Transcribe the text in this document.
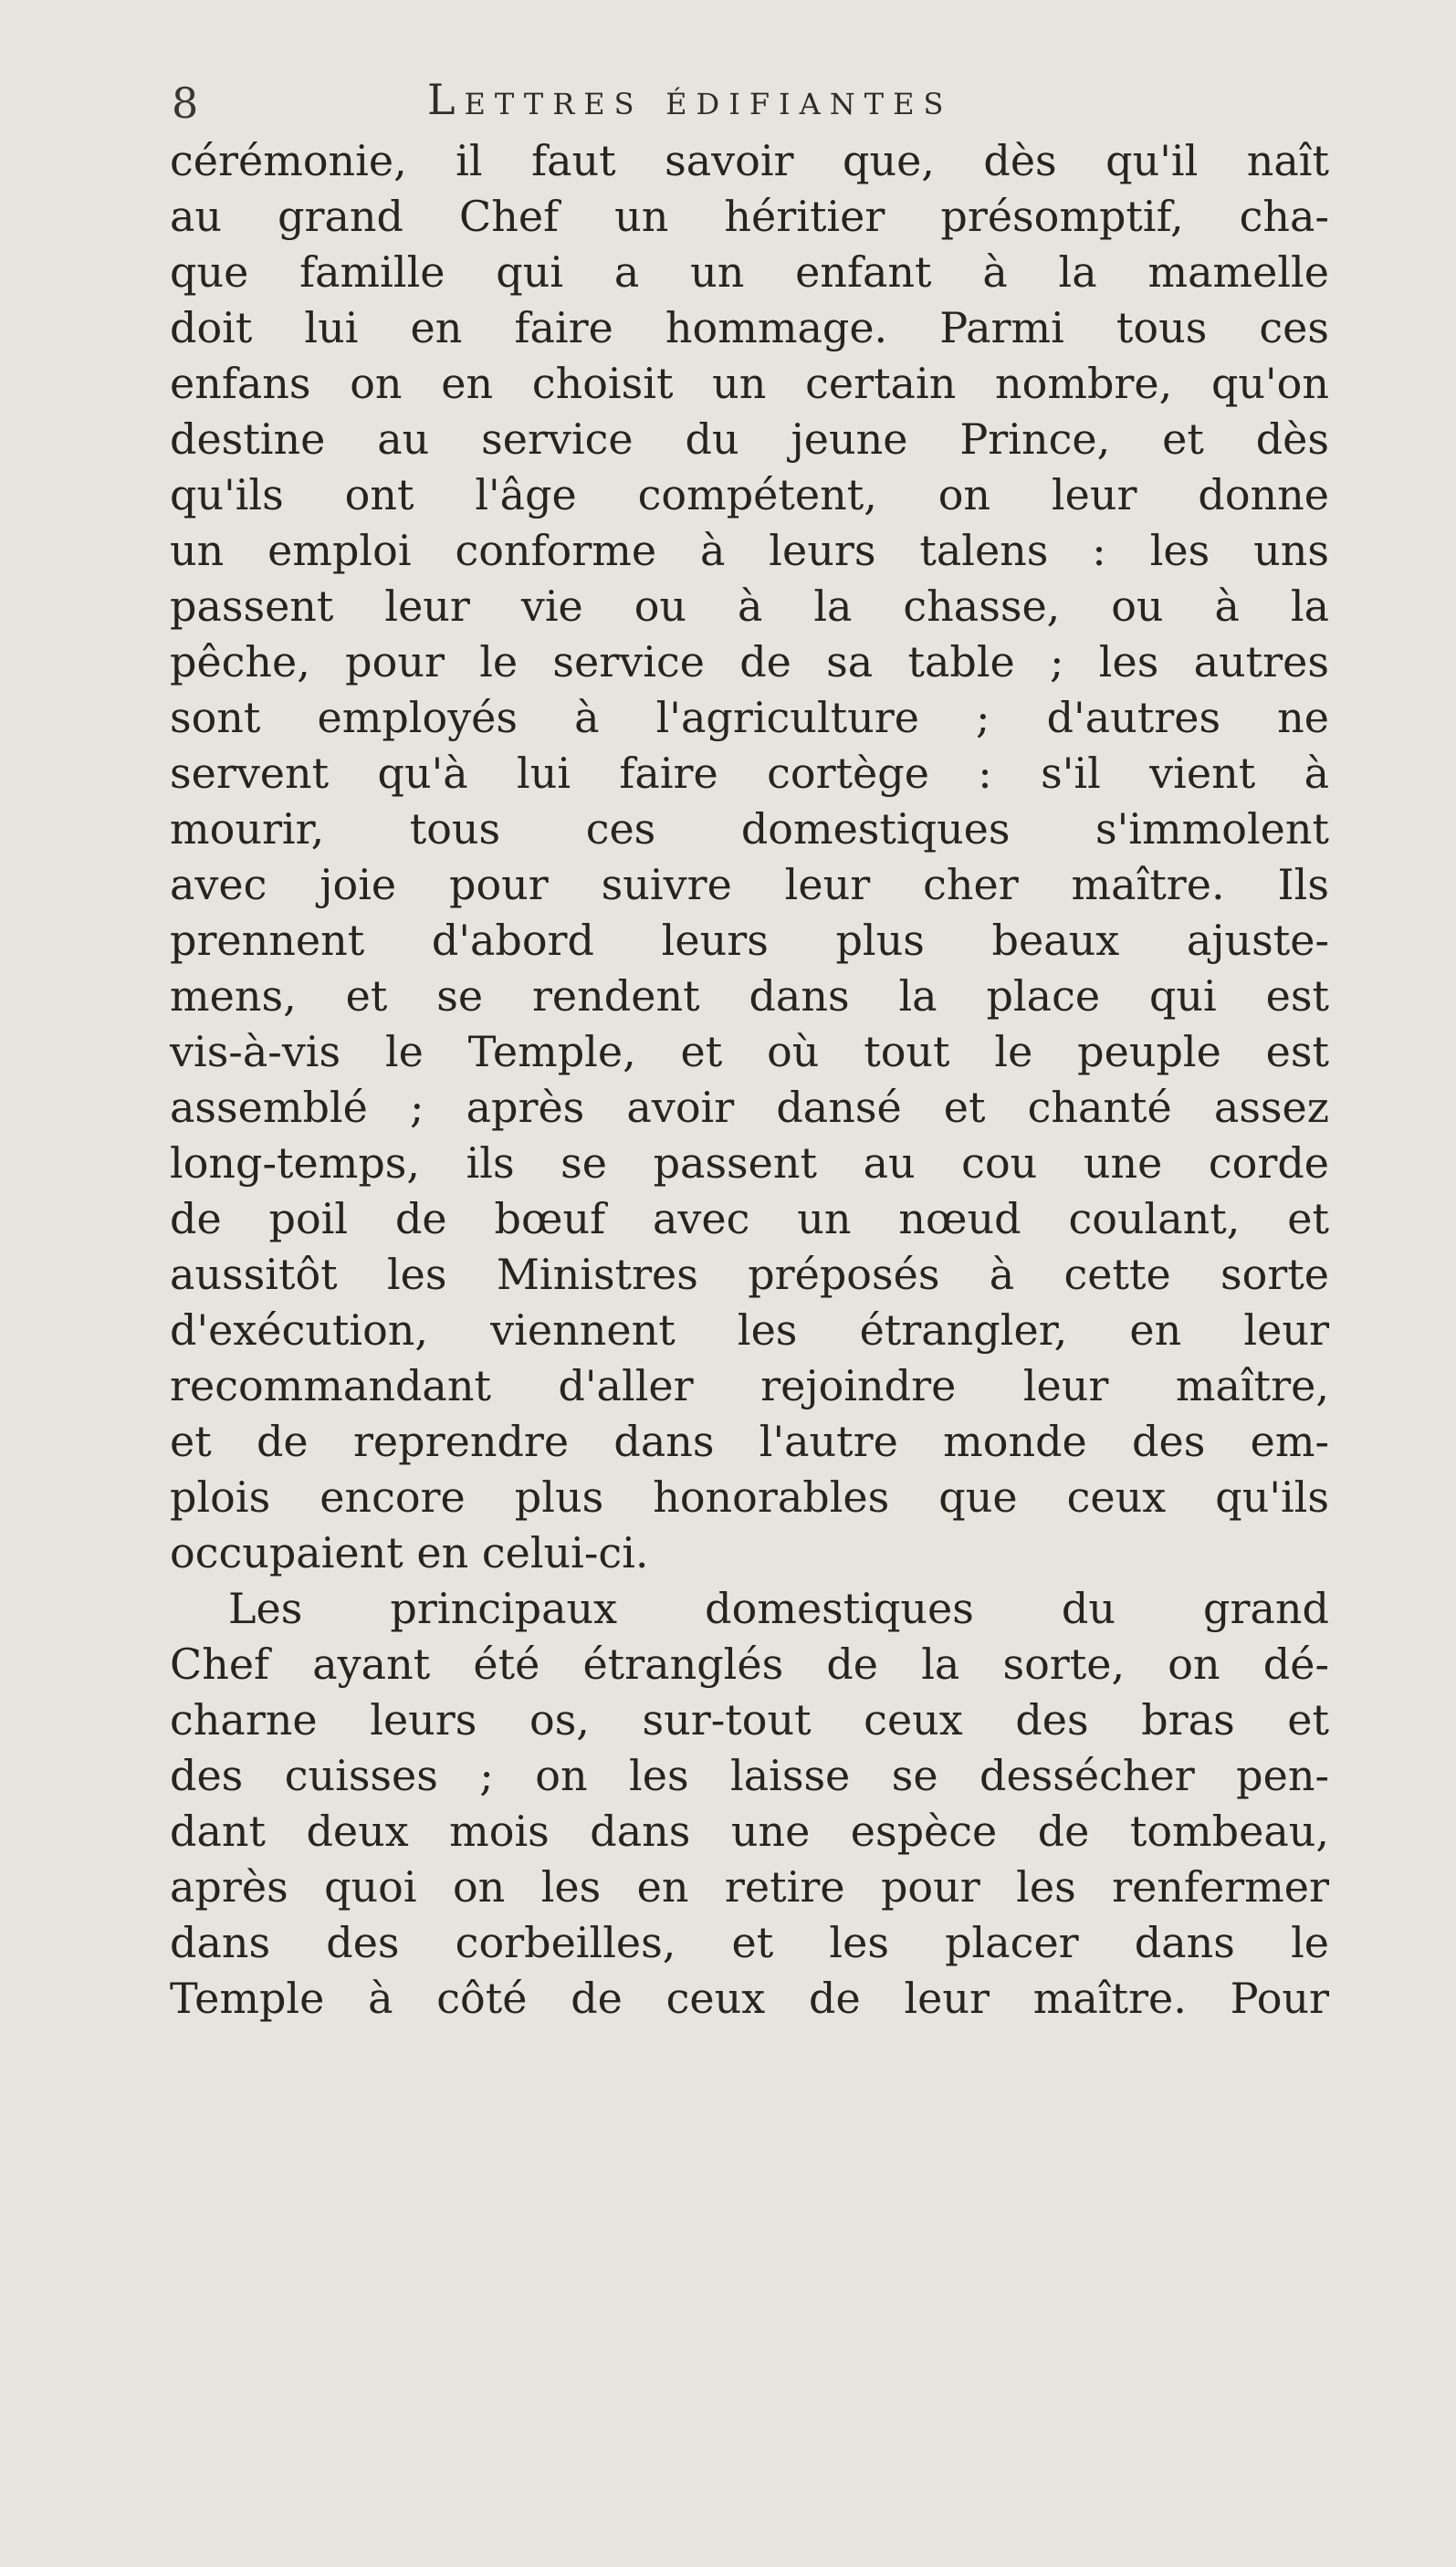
8	Lettres édifiantes
cérémonie, il faut savoir que, dès qu'il naît
au grand Chef un héritier présomptif, cha-
que famille qui a un enfant à la mamelle
doit lui en faire hommage. Parmi tous ces
enfans on en choisit un certain nombre, qu'on
destine au service du jeune Prince, et dès
qu'ils ont l'âge compétent, on leur donne
un emploi conforme à leurs talens : les uns
passent leur vie ou à la chasse, ou à la
pêche, pour le service de sa table ; les autres
sont employés à l'agriculture ; d'autres ne
servent qu'à lui faire cortège : s'il vient à
mourir, tous ces domestiques s'immolent
avec joie pour suivre leur cher maître. Ils
prennent d'abord leurs plus beaux ajuste-
mens, et se rendent dans la place qui est
vis-à-vis le Temple, et où tout le peuple est
assemblé ; après avoir dansé et chanté assez
long-temps, ils se passent au cou une corde
de poil de bœuf avec un nœud coulant, et
aussitôt les Ministres préposés à cette sorte
d'exécution, viennent les étrangler, en leur
recommandant d'aller rejoindre leur maître,
et de reprendre dans l'autre monde des em-
plois encore plus honorables que ceux qu'ils
occupaient en celui-ci.
Les principaux domestiques du grand
Chef ayant été étranglés de la sorte, on dé-
charne leurs os, sur-tout ceux des bras et
des cuisses ; on les laisse se dessécher pen-
dant deux mois dans une espèce de tombeau,
après quoi on les en retire pour les renfermer
dans des corbeilles, et les placer dans le
Temple à côté de ceux de leur maître. Pour
